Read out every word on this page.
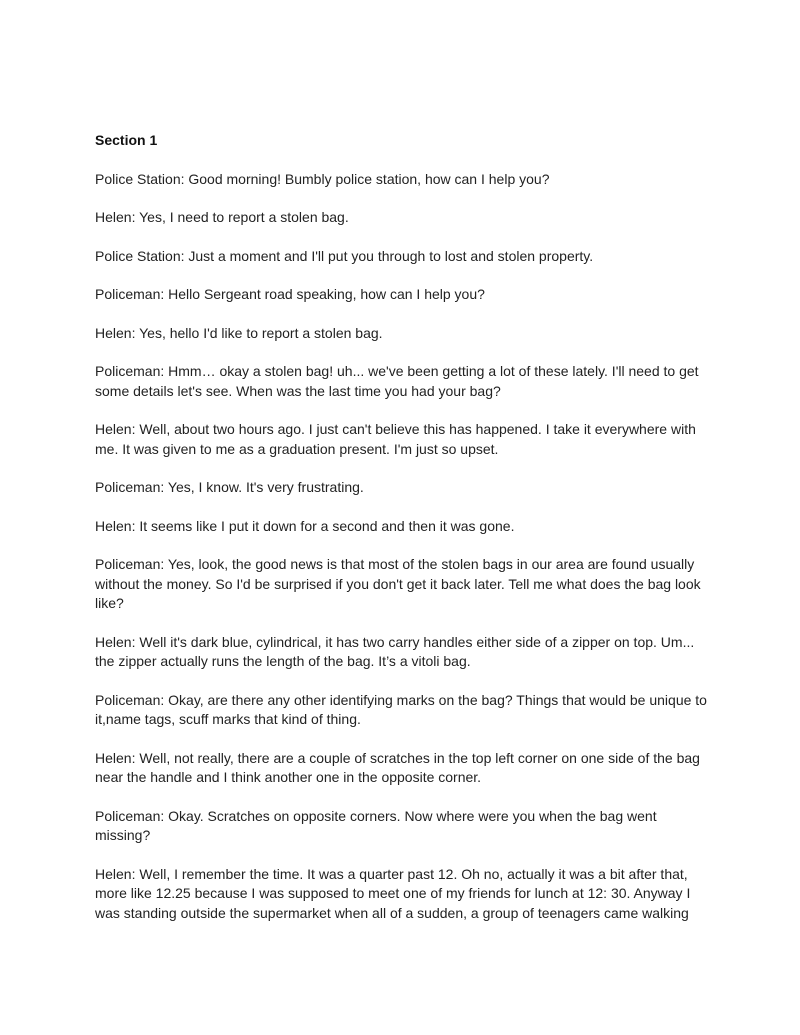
Section 1
Police Station: Good morning! Bumbly police station, how can I help you?
Helen: Yes, I need to report a stolen bag.
Police Station: Just a moment and I'll put you through to lost and stolen property.
Policeman: Hello Sergeant road speaking, how can I help you?
Helen: Yes, hello I'd like to report a stolen bag.
Policeman: Hmm… okay a stolen bag! uh... we've been getting a lot of these lately. I'll need to get some details let's see. When was the last time you had your bag?
Helen: Well, about two hours ago. I just can't believe this has happened. I take it everywhere with me. It was given to me as a graduation present. I'm just so upset.
Policeman: Yes, I know. It's very frustrating.
Helen: It seems like I put it down for a second and then it was gone.
Policeman: Yes, look, the good news is that most of the stolen bags in our area are found usually without the money. So I'd be surprised if you don't get it back later. Tell me what does the bag look like?
Helen: Well it's dark blue, cylindrical, it has two carry handles either side of a zipper on top. Um... the zipper actually runs the length of the bag. It’s a vitoli bag.
Policeman: Okay, are there any other identifying marks on the bag? Things that would be unique to it,name tags, scuff marks that kind of thing.
Helen: Well, not really, there are a couple of scratches in the top left corner on one side of the bag near the handle and I think another one in the opposite corner.
Policeman: Okay. Scratches on opposite corners. Now where were you when the bag went missing?
Helen: Well, I remember the time. It was a quarter past 12. Oh no, actually it was a bit after that, more like 12.25 because I was supposed to meet one of my friends for lunch at 12: 30. Anyway I was standing outside the supermarket when all of a sudden, a group of teenagers came walking
